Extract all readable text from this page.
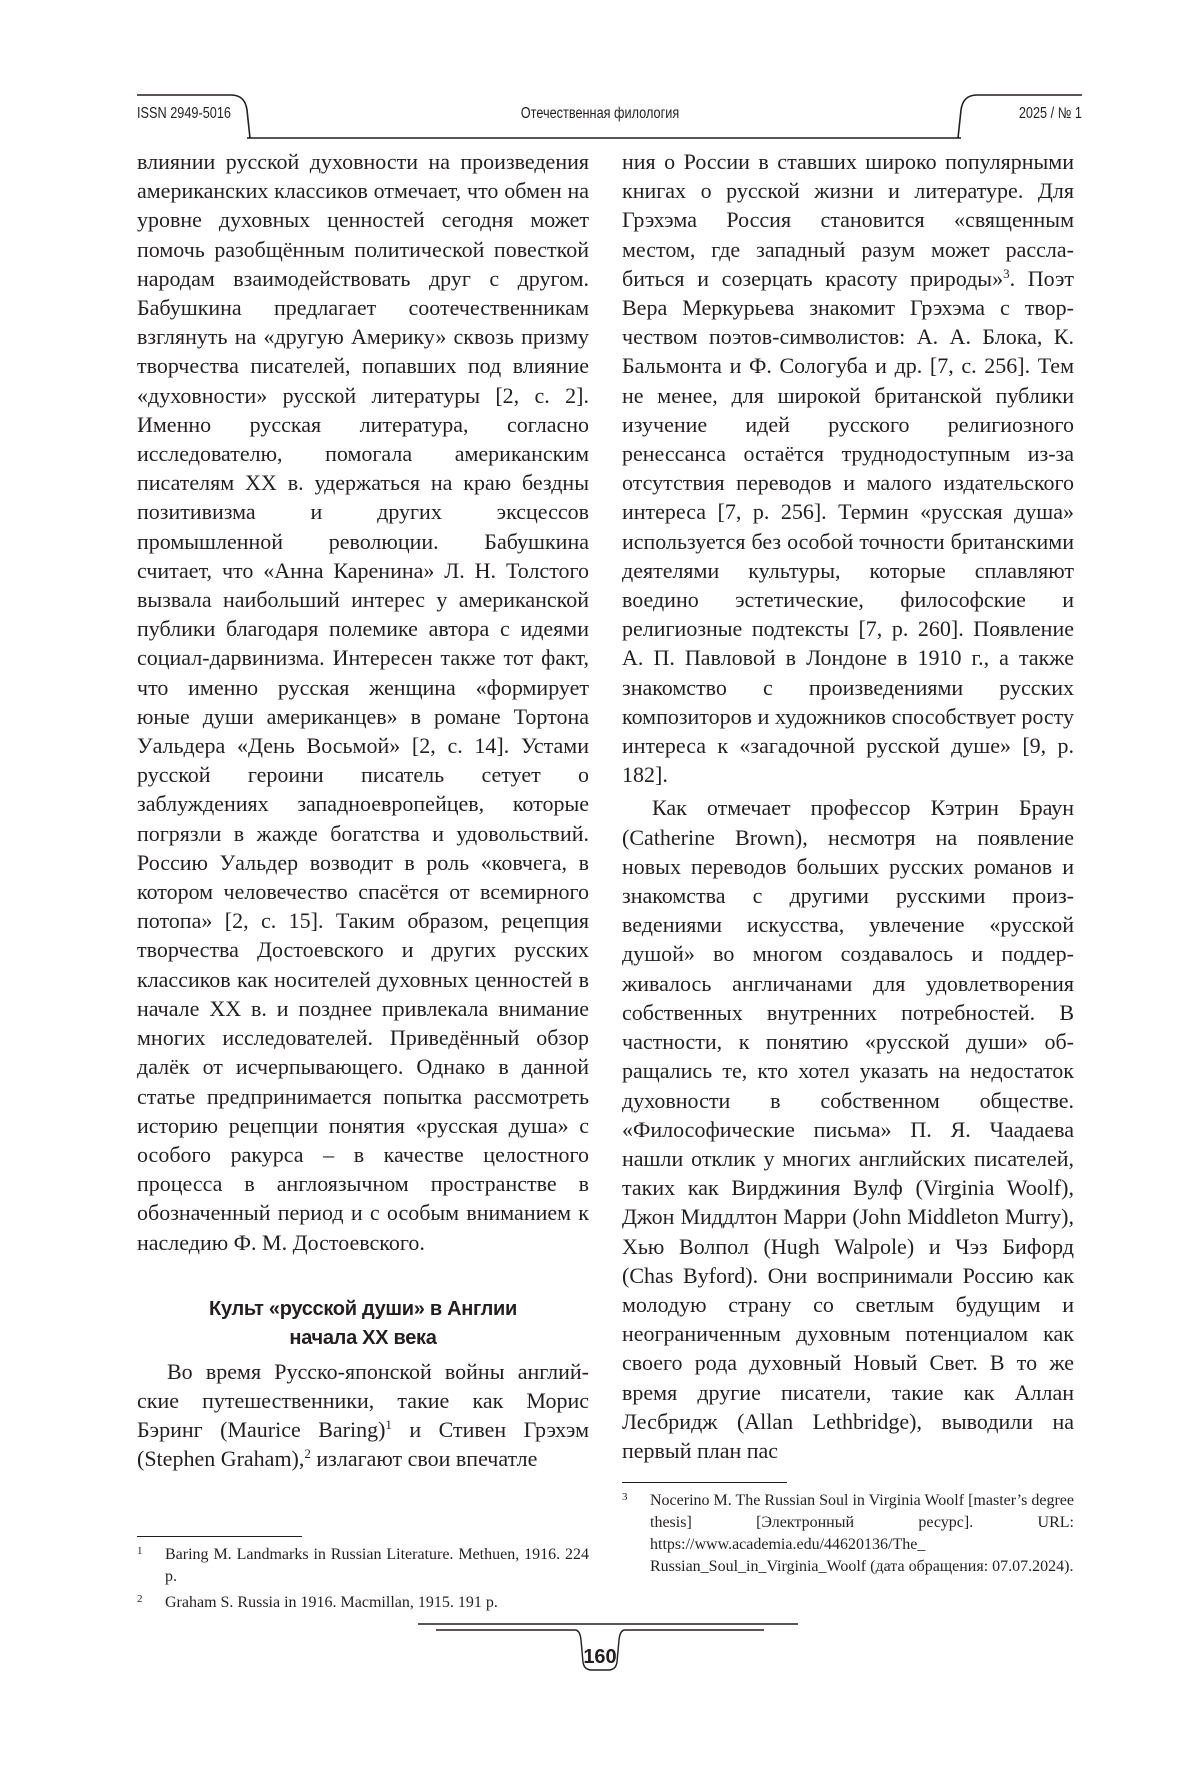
ISSN 2949-5016	Отечественная филология	2025 / № 1

влиянии русской духовности на произведения американских классиков отмечает, что обмен на уровне духовных ценностей сегодня может помочь разобщённым политической повесткой народам взаимодействовать друг с другом. Бабушкина предлагает соотечественникам взглянуть на «другую Америку» сквозь призму творчества писателей, попавших под влияние «духовности» русской литературы [2, с. 2]. Именно русская литература, согласно исследователю, помогала американским писателям XX в. удержаться на краю бездны позитивизма и других эксцессов промышленной революции. Бабушкина считает, что «Анна Каренина» Л. Н. Толстого вызвала наибольший интерес у американской публики благодаря полемике автора с идеями социал-дарвинизма. Интересен также тот факт, что именно русская женщина «формирует юные души американцев» в романе Тортона Уальдера «День Восьмой» [2, с. 14]. Устами русской героини писатель сетует о заблуждениях западноевропейцев, которые погрязли в жажде богатства и удовольствий. Россию Уальдер возводит в роль «ковчега, в котором человечество спасётся от всемирного потопа» [2, с. 15]. Таким образом, рецепция творчества Достоевского и других русских классиков как носителей духовных ценностей в начале XX в. и позднее привлекала внимание многих исследователей. Приведённый обзор далёк от исчерпывающего. Однако в данной статье предпринимается попытка рассмотреть историю рецепции понятия «русская душа» с особого ракурса – в качестве целостного процесса в англоязычном пространстве в обозначенный период и с особым вниманием к наследию Ф. М. Достоевского.

Культ «русской души» в Англии
начала XX века

Во время Русско-японской войны английские путешественники, такие как Морис Бэринг (Maurice Baring)$^1$ и Стивен Грэхэм (Stephen Graham),$^2$ излагают свои впечатле

ния о России в ставших широко популярными книгах о русской жизни и литературе. Для Грэхэма Россия становится «священным местом, где западный разум может расслабиться и созерцать красоту природы»$^3$. Поэт Вера Меркурьева знакомит Грэхэма с творчеством поэтов-символистов: А. А. Блока, К. Бальмонта и Ф. Сологуба и др. [7, с. 256]. Тем не менее, для широкой британской публики изучение идей русского религиозного ренессанса остаётся труднодоступным из-за отсутствия переводов и малого издательского интереса [7, p. 256]. Термин «русская душа» используется без особой точности британскими деятелями культуры, которые сплавляют воедино эстетические, философские и религиозные подтексты [7, p. 260]. Появление А. П. Павловой в Лондоне в 1910 г., а также знакомство с произведениями русских композиторов и художников способствует росту интереса к «загадочной русской душе» [9, p. 182].

Как отмечает профессор Кэтрин Браун (Catherine Brown), несмотря на появление новых переводов больших русских романов и знакомства с другими русскими произведениями искусства, увлечение «русской душой» во многом создавалось и поддерживалось англичанами для удовлетворения собственных внутренних потребностей. В частности, к понятию «русской души» обращались те, кто хотел указать на недостаток духовности в собственном обществе. «Философические письма» П. Я. Чаадаева нашли отклик у многих английских писателей, таких как Вирджиния Вулф (Virginia Woolf), Джон Миддлтон Марри (John Middleton Murry), Хью Волпол (Hugh Walpole) и Чэз Бифорд (Chas Byford). Они воспринимали Россию как молодую страну со светлым будущим и неограниченным духовным потенциалом как своего рода духовный Новый Свет. В то же время другие писатели, такие как Аллан Лесбридж (Allan Lethbridge), выводили на первый план пас

1 Baring M. Landmarks in Russian Literature. Methuen, 1916. 224 p.
2 Graham S. Russia in 1916. Macmillan, 1915. 191 p.
3 Nocerino M. The Russian Soul in Virginia Woolf [master’s degree thesis] [Электронный ресурс]. URL: https://www.academia.edu/44620136/The_ Russian_Soul_in_Virginia_Woolf (дата обращения: 07.07.2024).
160
